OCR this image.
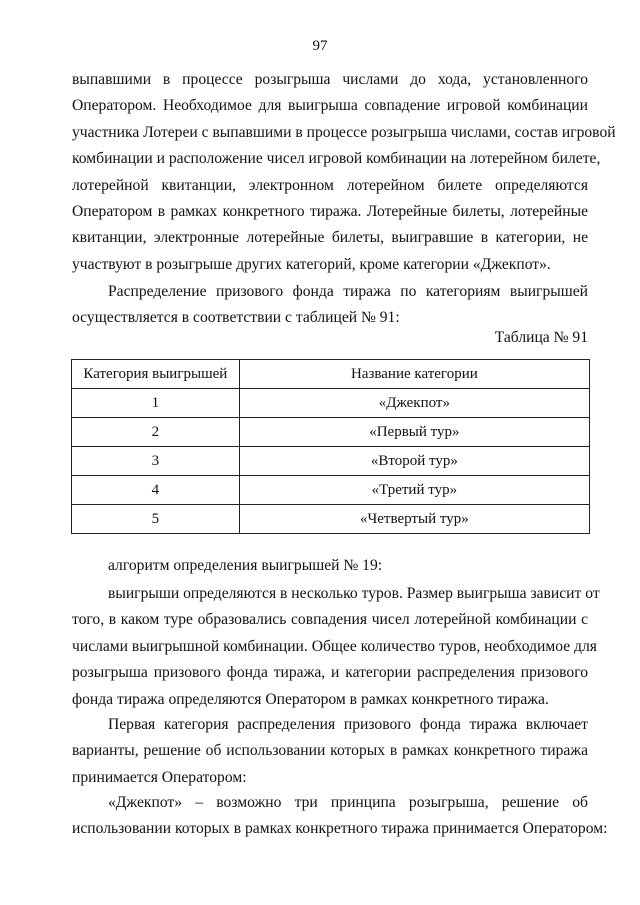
97
выпавшими в процессе розыгрыша числами до хода, установленного
Оператором. Необходимое для выигрыша совпадение игровой комбинации
участника Лотереи с выпавшими в процессе розыгрыша числами, состав игровой
комбинации и расположение чисел игровой комбинации на лотерейном билете,
лотерейной квитанции, электронном лотерейном билете определяются
Оператором в рамках конкретного тиража. Лотерейные билеты, лотерейные
квитанции, электронные лотерейные билеты, выигравшие в категории, не
участвуют в розыгрыше других категорий, кроме категории «Джекпот».
Распределение призового фонда тиража по категориям выигрышей
осуществляется в соответствии с таблицей № 91:
Таблица № 91
Категория выигрышей	Название категории
1	«Джекпот»
2	«Первый тур»
3	«Второй тур»
4	«Третий тур»
5	«Четвертый тур»
алгоритм определения выигрышей № 19:
выигрыши определяются в несколько туров. Размер выигрыша зависит от
того, в каком туре образовались совпадения чисел лотерейной комбинации с
числами выигрышной комбинации. Общее количество туров, необходимое для
розыгрыша призового фонда тиража, и категории распределения призового
фонда тиража определяются Оператором в рамках конкретного тиража.
Первая категория распределения призового фонда тиража включает
варианты, решение об использовании которых в рамках конкретного тиража
принимается Оператором:
«Джекпот» – возможно три принципа розыгрыша, решение об
использовании которых в рамках конкретного тиража принимается Оператором:
